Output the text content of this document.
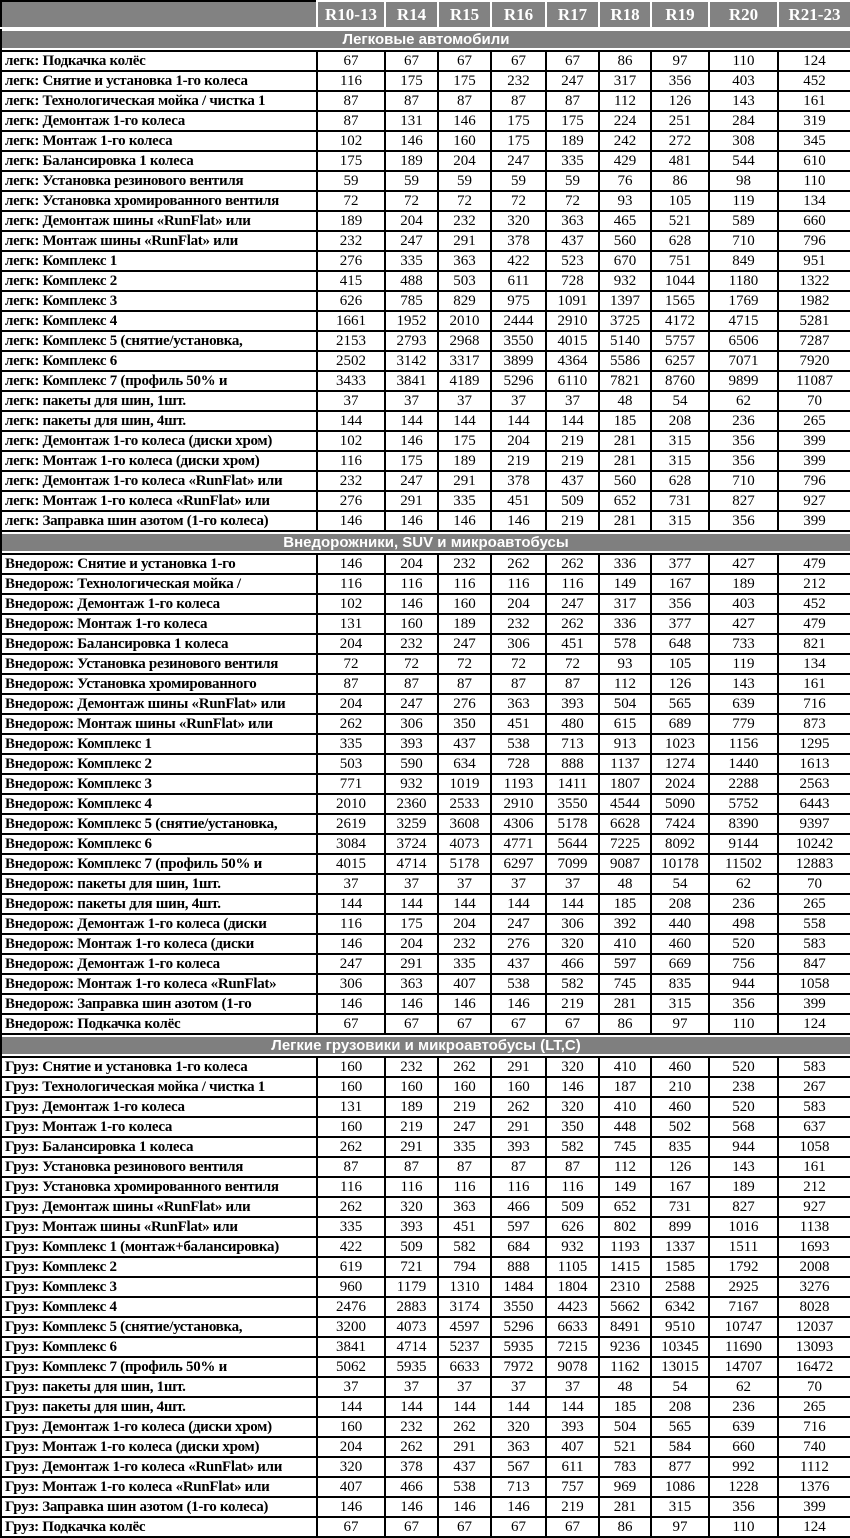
	R10-13	R14	R15	R16	R17	R18	R19	R20	R21-23

Легковые автомобили									

легк: Подкачка колёс	67	67	67	67	67	86	97	110	124
легк: Снятие и установка 1-го колеса	116	175	175	232	247	317	356	403	452
легк: Технологическая мойка / чистка 1	87	87	87	87	87	112	126	143	161
легк: Демонтаж 1-го колеса	87	131	146	175	175	224	251	284	319
легк: Монтаж 1-го колеса	102	146	160	175	189	242	272	308	345
легк: Балансировка 1 колеса	175	189	204	247	335	429	481	544	610
легк: Установка резинового вентиля	59	59	59	59	59	76	86	98	110
легк: Установка хромированного вентиля	72	72	72	72	72	93	105	119	134
легк: Демонтаж шины «RunFlat» или	189	204	232	320	363	465	521	589	660
легк: Монтаж шины «RunFlat» или	232	247	291	378	437	560	628	710	796
легк: Комплекс 1	276	335	363	422	523	670	751	849	951
легк: Комплекс 2	415	488	503	611	728	932	1044	1180	1322
легк: Комплекс 3	626	785	829	975	1091	1397	1565	1769	1982
легк: Комплекс 4	1661	1952	2010	2444	2910	3725	4172	4715	5281
легк: Комплекс 5 (снятие/установка,	2153	2793	2968	3550	4015	5140	5757	6506	7287
легк: Комплекс 6	2502	3142	3317	3899	4364	5586	6257	7071	7920
легк: Комплекс 7 (профиль 50% и	3433	3841	4189	5296	6110	7821	8760	9899	11087
легк: пакеты для шин, 1шт.	37	37	37	37	37	48	54	62	70
легк: пакеты для шин, 4шт.	144	144	144	144	144	185	208	236	265
легк: Демонтаж 1-го колеса (диски хром)	102	146	175	204	219	281	315	356	399
легк: Монтаж 1-го колеса (диски хром)	116	175	189	219	219	281	315	356	399
легк: Демонтаж 1-го колеса «RunFlat» или	232	247	291	378	437	560	628	710	796
легк: Монтаж 1-го колеса «RunFlat» или	276	291	335	451	509	652	731	827	927
легк: Заправка шин азотом (1-го колеса)	146	146	146	146	219	281	315	356	399

Внедорожники, SUV и микроавтобусы									

Внедорож: Снятие и установка 1-го	146	204	232	262	262	336	377	427	479
Внедорож: Технологическая мойка /	116	116	116	116	116	149	167	189	212
Внедорож: Демонтаж 1-го колеса	102	146	160	204	247	317	356	403	452
Внедорож: Монтаж 1-го колеса	131	160	189	232	262	336	377	427	479
Внедорож: Балансировка 1 колеса	204	232	247	306	451	578	648	733	821
Внедорож: Установка резинового вентиля	72	72	72	72	72	93	105	119	134
Внедорож: Установка хромированного	87	87	87	87	87	112	126	143	161
Внедорож: Демонтаж шины «RunFlat» или	204	247	276	363	393	504	565	639	716
Внедорож: Монтаж шины «RunFlat» или	262	306	350	451	480	615	689	779	873
Внедорож: Комплекс 1	335	393	437	538	713	913	1023	1156	1295
Внедорож: Комплекс 2	503	590	634	728	888	1137	1274	1440	1613
Внедорож: Комплекс 3	771	932	1019	1193	1411	1807	2024	2288	2563
Внедорож: Комплекс 4	2010	2360	2533	2910	3550	4544	5090	5752	6443
Внедорож: Комплекс 5 (снятие/установка,	2619	3259	3608	4306	5178	6628	7424	8390	9397
Внедорож: Комплекс 6	3084	3724	4073	4771	5644	7225	8092	9144	10242
Внедорож: Комплекс 7 (профиль 50% и	4015	4714	5178	6297	7099	9087	10178	11502	12883
Внедорож: пакеты для шин, 1шт.	37	37	37	37	37	48	54	62	70
Внедорож: пакеты для шин, 4шт.	144	144	144	144	144	185	208	236	265
Внедорож: Демонтаж 1-го колеса (диски	116	175	204	247	306	392	440	498	558
Внедорож: Монтаж 1-го колеса (диски	146	204	232	276	320	410	460	520	583
Внедорож: Демонтаж 1-го колеса	247	291	335	437	466	597	669	756	847
Внедорож: Монтаж 1-го колеса «RunFlat»	306	363	407	538	582	745	835	944	1058
Внедорож: Заправка шин азотом (1-го	146	146	146	146	219	281	315	356	399
Внедорож: Подкачка колёс	67	67	67	67	67	86	97	110	124

Легкие грузовики и микроавтобусы (LT,C)									

Груз: Снятие и установка 1-го колеса	160	232	262	291	320	410	460	520	583
Груз: Технологическая мойка / чистка 1	160	160	160	160	146	187	210	238	267
Груз: Демонтаж 1-го колеса	131	189	219	262	320	410	460	520	583
Груз: Монтаж 1-го колеса	160	219	247	291	350	448	502	568	637
Груз: Балансировка 1 колеса	262	291	335	393	582	745	835	944	1058
Груз: Установка резинового вентиля	87	87	87	87	87	112	126	143	161
Груз: Установка хромированного вентиля	116	116	116	116	116	149	167	189	212
Груз: Демонтаж шины «RunFlat» или	262	320	363	466	509	652	731	827	927
Груз: Монтаж шины «RunFlat» или	335	393	451	597	626	802	899	1016	1138
Груз: Комплекс 1 (монтаж+балансировка)	422	509	582	684	932	1193	1337	1511	1693
Груз: Комплекс 2	619	721	794	888	1105	1415	1585	1792	2008
Груз: Комплекс 3	960	1179	1310	1484	1804	2310	2588	2925	3276
Груз: Комплекс 4	2476	2883	3174	3550	4423	5662	6342	7167	8028
Груз: Комплекс 5 (снятие/установка,	3200	4073	4597	5296	6633	8491	9510	10747	12037
Груз: Комплекс 6	3841	4714	5237	5935	7215	9236	10345	11690	13093
Груз: Комплекс 7 (профиль 50% и	5062	5935	6633	7972	9078	1162	13015	14707	16472
Груз: пакеты для шин, 1шт.	37	37	37	37	37	48	54	62	70
Груз: пакеты для шин, 4шт.	144	144	144	144	144	185	208	236	265
Груз: Демонтаж 1-го колеса (диски хром)	160	232	262	320	393	504	565	639	716
Груз: Монтаж 1-го колеса (диски хром)	204	262	291	363	407	521	584	660	740
Груз: Демонтаж 1-го колеса «RunFlat» или	320	378	437	567	611	783	877	992	1112
Груз: Монтаж 1-го колеса «RunFlat» или	407	466	538	713	757	969	1086	1228	1376
Груз: Заправка шин азотом (1-го колеса)	146	146	146	146	219	281	315	356	399
Груз: Подкачка колёс	67	67	67	67	67	86	97	110	124
